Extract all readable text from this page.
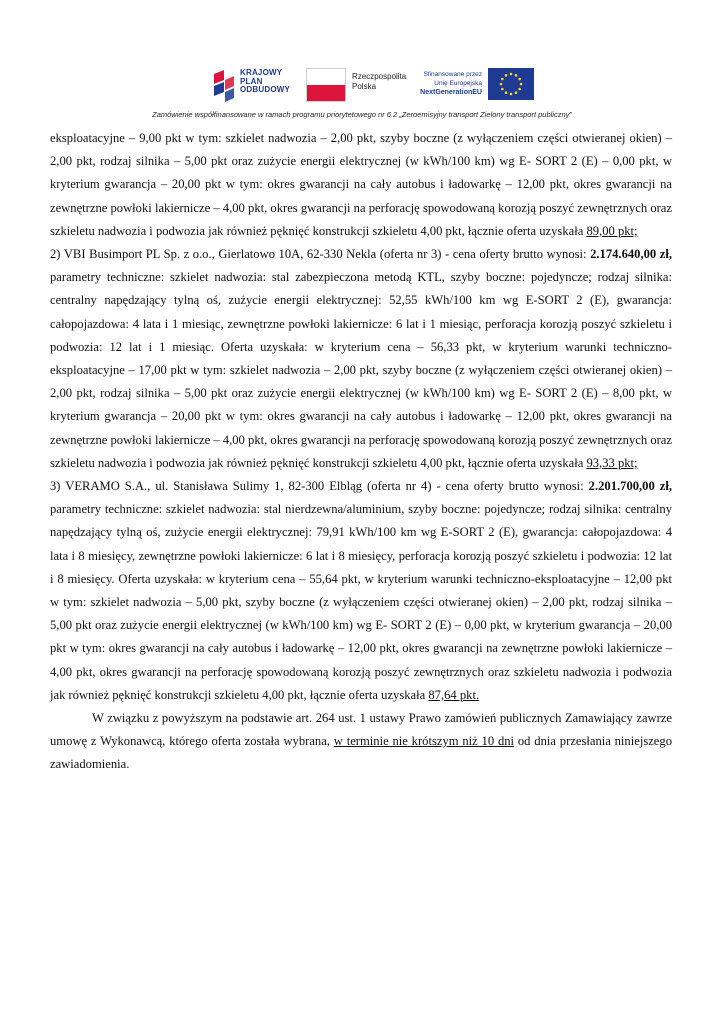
KRAJOWY
PLAN
ODBUDOWY
Rzeczpospolita
Polska
Sfinansowane przez
Unię Europejską
NextGenerationEU
Zamówienie współfinansowane w ramach programu priorytetowego nr 6.2 „Zeroemisyjny transport Zielony transport publiczny”

eksploatacyjne – 9,00 pkt w tym: szkielet nadwozia – 2,00 pkt, szyby boczne (z wyłączeniem części otwieranej okien) – 2,00 pkt, rodzaj silnika – 5,00 pkt oraz zużycie energii elektrycznej (w kWh/100 km) wg E- SORT 2 (E) – 0,00 pkt, w kryterium gwarancja – 20,00 pkt w tym: okres gwarancji na cały autobus i ładowarkę – 12,00 pkt, okres gwarancji na zewnętrzne powłoki lakiernicze – 4,00 pkt, okres gwarancji na perforację spowodowaną korozją poszyć zewnętrznych oraz szkieletu nadwozia i podwozia jak również pęknięć konstrukcji szkieletu 4,00 pkt, łącznie oferta uzyskała 89,00 pkt;

2) VBI Busimport PL Sp. z o.o., Gierlatowo 10A, 62-330 Nekla (oferta nr 3) - cena oferty brutto wynosi: 2.174.640,00 zł, parametry techniczne: szkielet nadwozia: stal zabezpieczona metodą KTL, szyby boczne: pojedyncze; rodzaj silnika: centralny napędzający tylną oś, zużycie energii elektrycznej: 52,55 kWh/100 km wg E-SORT 2 (E), gwarancja: całopojazdowa: 4 lata i 1 miesiąc, zewnętrzne powłoki lakiernicze: 6 lat i 1 miesiąc, perforacja korozją poszyć szkieletu i podwozia: 12 lat i 1 miesiąc. Oferta uzyskała: w kryterium cena – 56,33 pkt, w kryterium warunki techniczno-eksploatacyjne – 17,00 pkt w tym: szkielet nadwozia – 2,00 pkt, szyby boczne (z wyłączeniem części otwieranej okien) – 2,00 pkt, rodzaj silnika – 5,00 pkt oraz zużycie energii elektrycznej (w kWh/100 km) wg E- SORT 2 (E) – 8,00 pkt, w kryterium gwarancja – 20,00 pkt w tym: okres gwarancji na cały autobus i ładowarkę – 12,00 pkt, okres gwarancji na zewnętrzne powłoki lakiernicze – 4,00 pkt, okres gwarancji na perforację spowodowaną korozją poszyć zewnętrznych oraz szkieletu nadwozia i podwozia jak również pęknięć konstrukcji szkieletu 4,00 pkt, łącznie oferta uzyskała 93,33 pkt;

3) VERAMO S.A., ul. Stanisława Sulimy 1, 82-300 Elbląg (oferta nr 4) - cena oferty brutto wynosi: 2.201.700,00 zł, parametry techniczne: szkielet nadwozia: stal nierdzewna/aluminium, szyby boczne: pojedyncze; rodzaj silnika: centralny napędzający tylną oś, zużycie energii elektrycznej: 79,91 kWh/100 km wg E-SORT 2 (E), gwarancja: całopojazdowa: 4 lata i 8 miesięcy, zewnętrzne powłoki lakiernicze: 6 lat i 8 miesięcy, perforacja korozją poszyć szkieletu i podwozia: 12 lat i 8 miesięcy. Oferta uzyskała: w kryterium cena – 55,64 pkt, w kryterium warunki techniczno-eksploatacyjne – 12,00 pkt w tym: szkielet nadwozia – 5,00 pkt, szyby boczne (z wyłączeniem części otwieranej okien) – 2,00 pkt, rodzaj silnika – 5,00 pkt oraz zużycie energii elektrycznej (w kWh/100 km) wg E- SORT 2 (E) – 0,00 pkt, w kryterium gwarancja – 20,00 pkt w tym: okres gwarancji na cały autobus i ładowarkę – 12,00 pkt, okres gwarancji na zewnętrzne powłoki lakiernicze – 4,00 pkt, okres gwarancji na perforację spowodowaną korozją poszyć zewnętrznych oraz szkieletu nadwozia i podwozia jak również pęknięć konstrukcji szkieletu 4,00 pkt, łącznie oferta uzyskała 87,64 pkt.

W związku z powyższym na podstawie art. 264 ust. 1 ustawy Prawo zamówień publicznych Zamawiający zawrze umowę z Wykonawcą, którego oferta została wybrana, w terminie nie krótszym niż 10 dni od dnia przesłania niniejszego zawiadomienia.
